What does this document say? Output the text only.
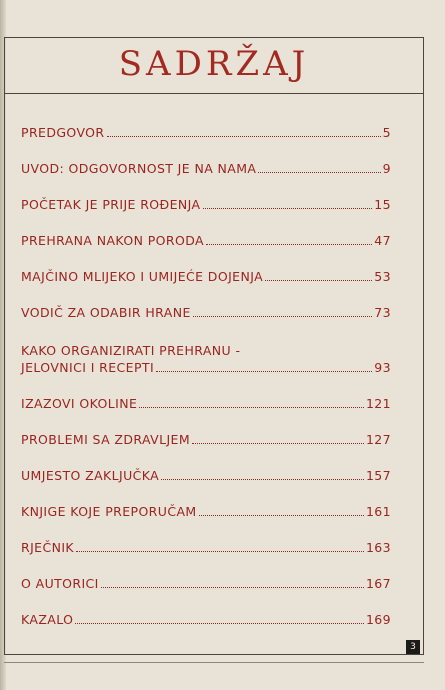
SADRŽAJ
PREDGOVOR	5
UVOD: ODGOVORNOST JE NA NAMA	9
POČETAK JE PRIJE ROĐENJA	15
PREHRANA NAKON PORODA	47
MAJČINO MLIJEKO I UMIJEĆE DOJENJA	53
VODIČ ZA ODABIR HRANE	73
KAKO ORGANIZIRATI PREHRANU -
JELOVNICI I RECEPTI	93
IZAZOVI OKOLINE	121
PROBLEMI SA ZDRAVLJEM	127
UMJESTO ZAKLJUČKA	157
KNJIGE KOJE PREPORUČAM	161
RJEČNIK	163
O AUTORICI	167
KAZALO	169
3
